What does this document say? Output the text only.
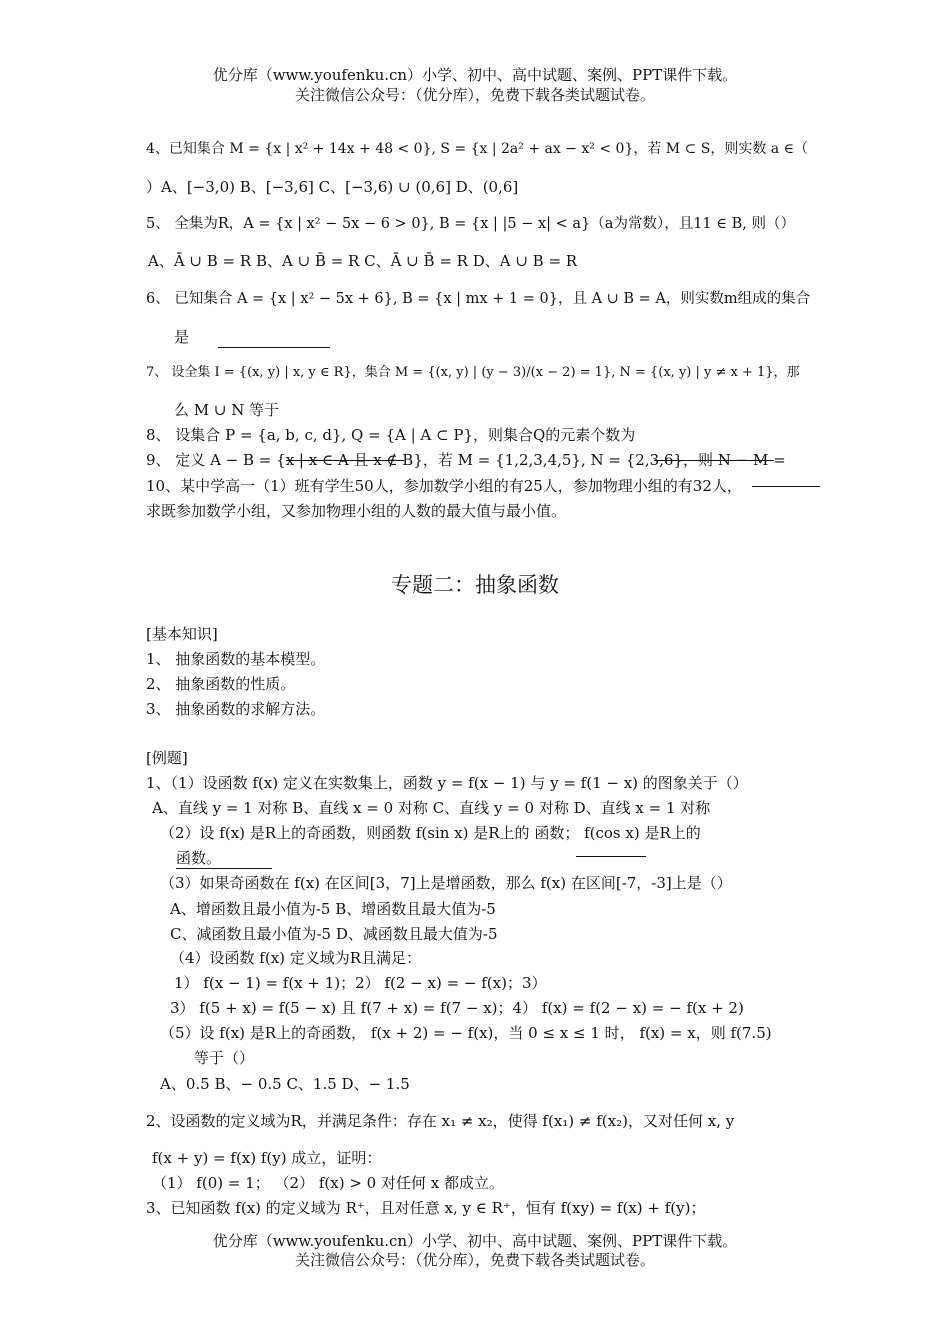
优分库（www.youfenku.cn）小学、初中、高中试题、案例、PPT课件下载。
关注微信公众号：（优分库），免费下载各类试题试卷。
4、已知集合 M = {x | x² + 14x + 48 < 0}, S = {x | 2a² + ax − x² < 0}，若 M ⊂ S，则实数 a ∈（
）A、[−3,0) B、[−3,6] C、[−3,6) ∪ (0,6] D、(0,6]
5、 全集为R，A = {x | x² − 5x − 6 > 0}, B = {x | |5 − x| < a}（a为常数），且11 ∈ B, 则（）
A、Ā ∪ B = R B、A ∪ B̄ = R C、Ā ∪ B̄ = R D、A ∪ B = R
6、 已知集合 A = {x | x² − 5x + 6}, B = {x | mx + 1 = 0}，且 A ∪ B = A，则实数m组成的集合
是
7、 设全集 I = {(x, y) | x, y ∈ R}，集合 M = {(x, y) | (y − 3)/(x − 2) = 1}, N = {(x, y) | y ≠ x + 1}，那
么 M ∪ N 等于
8、 设集合 P = {a, b, c, d}, Q = {A | A ⊂ P}，则集合Q的元素个数为
9、 定义 A − B = {x | x ∈ A 且 x ∉ B}，若 M = {1,2,3,4,5}, N = {2,3,6}，则 N − M =
10、某中学高一（1）班有学生50人，参加数学小组的有25人，参加物理小组的有32人，
求既参加数学小组，又参加物理小组的人数的最大值与最小值。
专题二：抽象函数
[基本知识]
1、 抽象函数的基本模型。
2、 抽象函数的性质。
3、 抽象函数的求解方法。
[例题]
1、（1）设函数 f(x) 定义在实数集上，函数 y = f(x − 1) 与 y = f(1 − x) 的图象关于（）
A、直线 y = 1 对称 B、直线 x = 0 对称 C、直线 y = 0 对称 D、直线 x = 1 对称
（2）设 f(x) 是R上的奇函数，则函数 f(sin x) 是R上的 函数； f(cos x) 是R上的
函数。
（3）如果奇函数在 f(x) 在区间[3，7]上是增函数，那么 f(x) 在区间[-7，-3]上是（）
A、增函数且最小值为-5 B、增函数且最大值为-5
C、减函数且最小值为-5 D、减函数且最大值为-5
（4）设函数 f(x) 定义域为R且满足：
1） f(x − 1) = f(x + 1)；2） f(2 − x) = − f(x)；3）
3） f(5 + x) = f(5 − x) 且 f(7 + x) = f(7 − x)；4） f(x) = f(2 − x) = − f(x + 2)
（5）设 f(x) 是R上的奇函数， f(x + 2) = − f(x)，当 0 ≤ x ≤ 1 时， f(x) = x，则 f(7.5)
等于（）
A、0.5 B、− 0.5 C、1.5 D、− 1.5
2、设函数的定义域为R，并满足条件：存在 x₁ ≠ x₂，使得 f(x₁) ≠ f(x₂)，又对任何 x, y
f(x + y) = f(x) f(y) 成立，证明：
（1） f(0) = 1； （2） f(x) > 0 对任何 x 都成立。
3、已知函数 f(x) 的定义域为 R⁺，且对任意 x, y ∈ R⁺，恒有 f(xy) = f(x) + f(y)；
优分库（www.youfenku.cn）小学、初中、高中试题、案例、PPT课件下载。
关注微信公众号：（优分库），免费下载各类试题试卷。
